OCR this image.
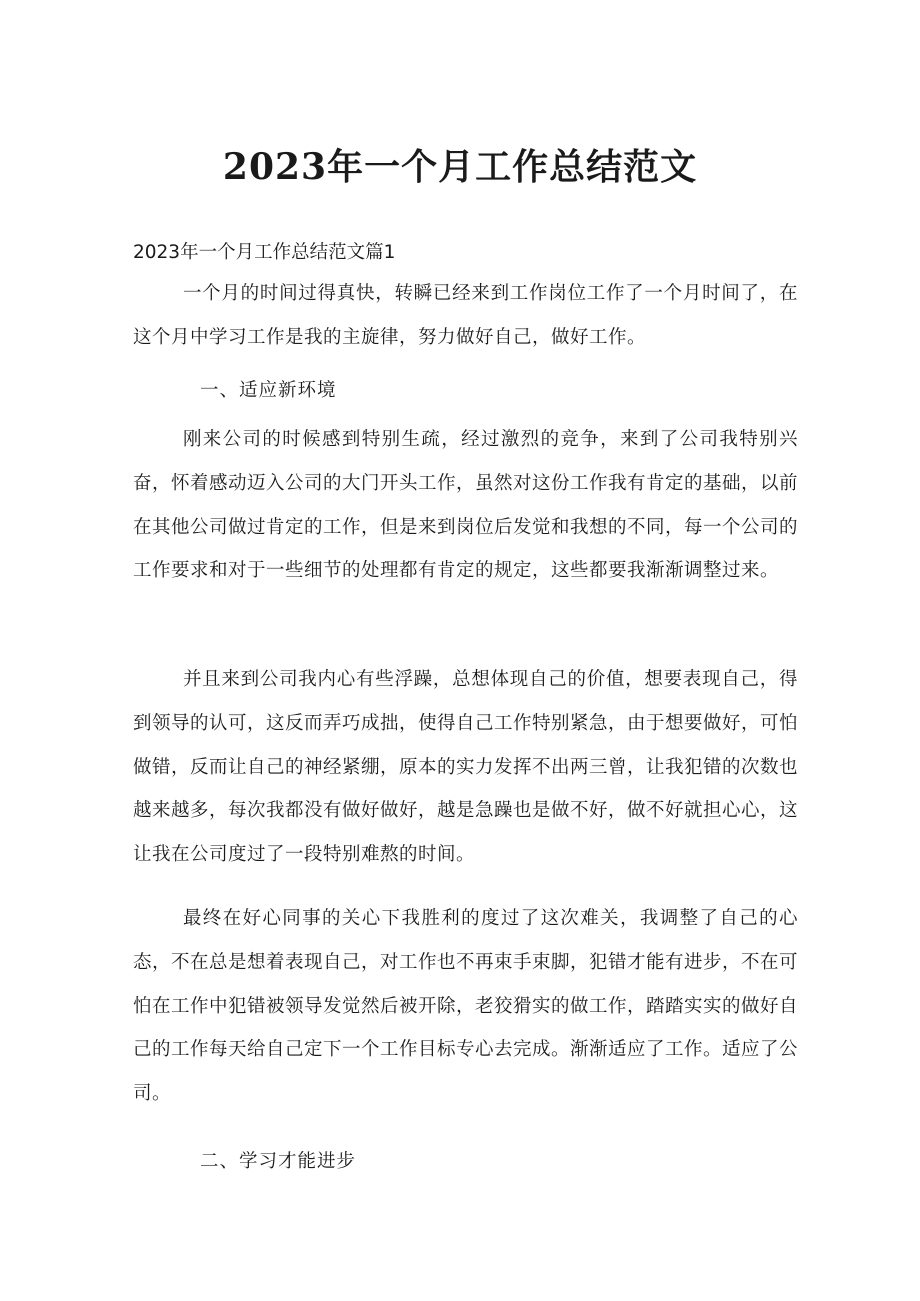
2023年一个月工作总结范文

2023年一个月工作总结范文篇1

一个月的时间过得真快，转瞬已经来到工作岗位工作了一个月时间了，在这个月中学习工作是我的主旋律，努力做好自己，做好工作。

一、适应新环境

刚来公司的时候感到特别生疏，经过激烈的竞争，来到了公司我特别兴奋，怀着感动迈入公司的大门开头工作，虽然对这份工作我有肯定的基础，以前在其他公司做过肯定的工作，但是来到岗位后发觉和我想的不同，每一个公司的工作要求和对于一些细节的处理都有肯定的规定，这些都要我渐渐调整过来。

并且来到公司我内心有些浮躁，总想体现自己的价值，想要表现自己，得到领导的认可，这反而弄巧成拙，使得自己工作特别紧急，由于想要做好，可怕做错，反而让自己的神经紧绷，原本的实力发挥不出两三曾，让我犯错的次数也越来越多，每次我都没有做好做好，越是急躁也是做不好，做不好就担心心，这让我在公司度过了一段特别难熬的时间。

最终在好心同事的关心下我胜利的度过了这次难关，我调整了自己的心态，不在总是想着表现自己，对工作也不再束手束脚，犯错才能有进步，不在可怕在工作中犯错被领导发觉然后被开除，老狡猾实的做工作，踏踏实实的做好自己的工作每天给自己定下一个工作目标专心去完成。渐渐适应了工作。适应了公司。

二、学习才能进步
